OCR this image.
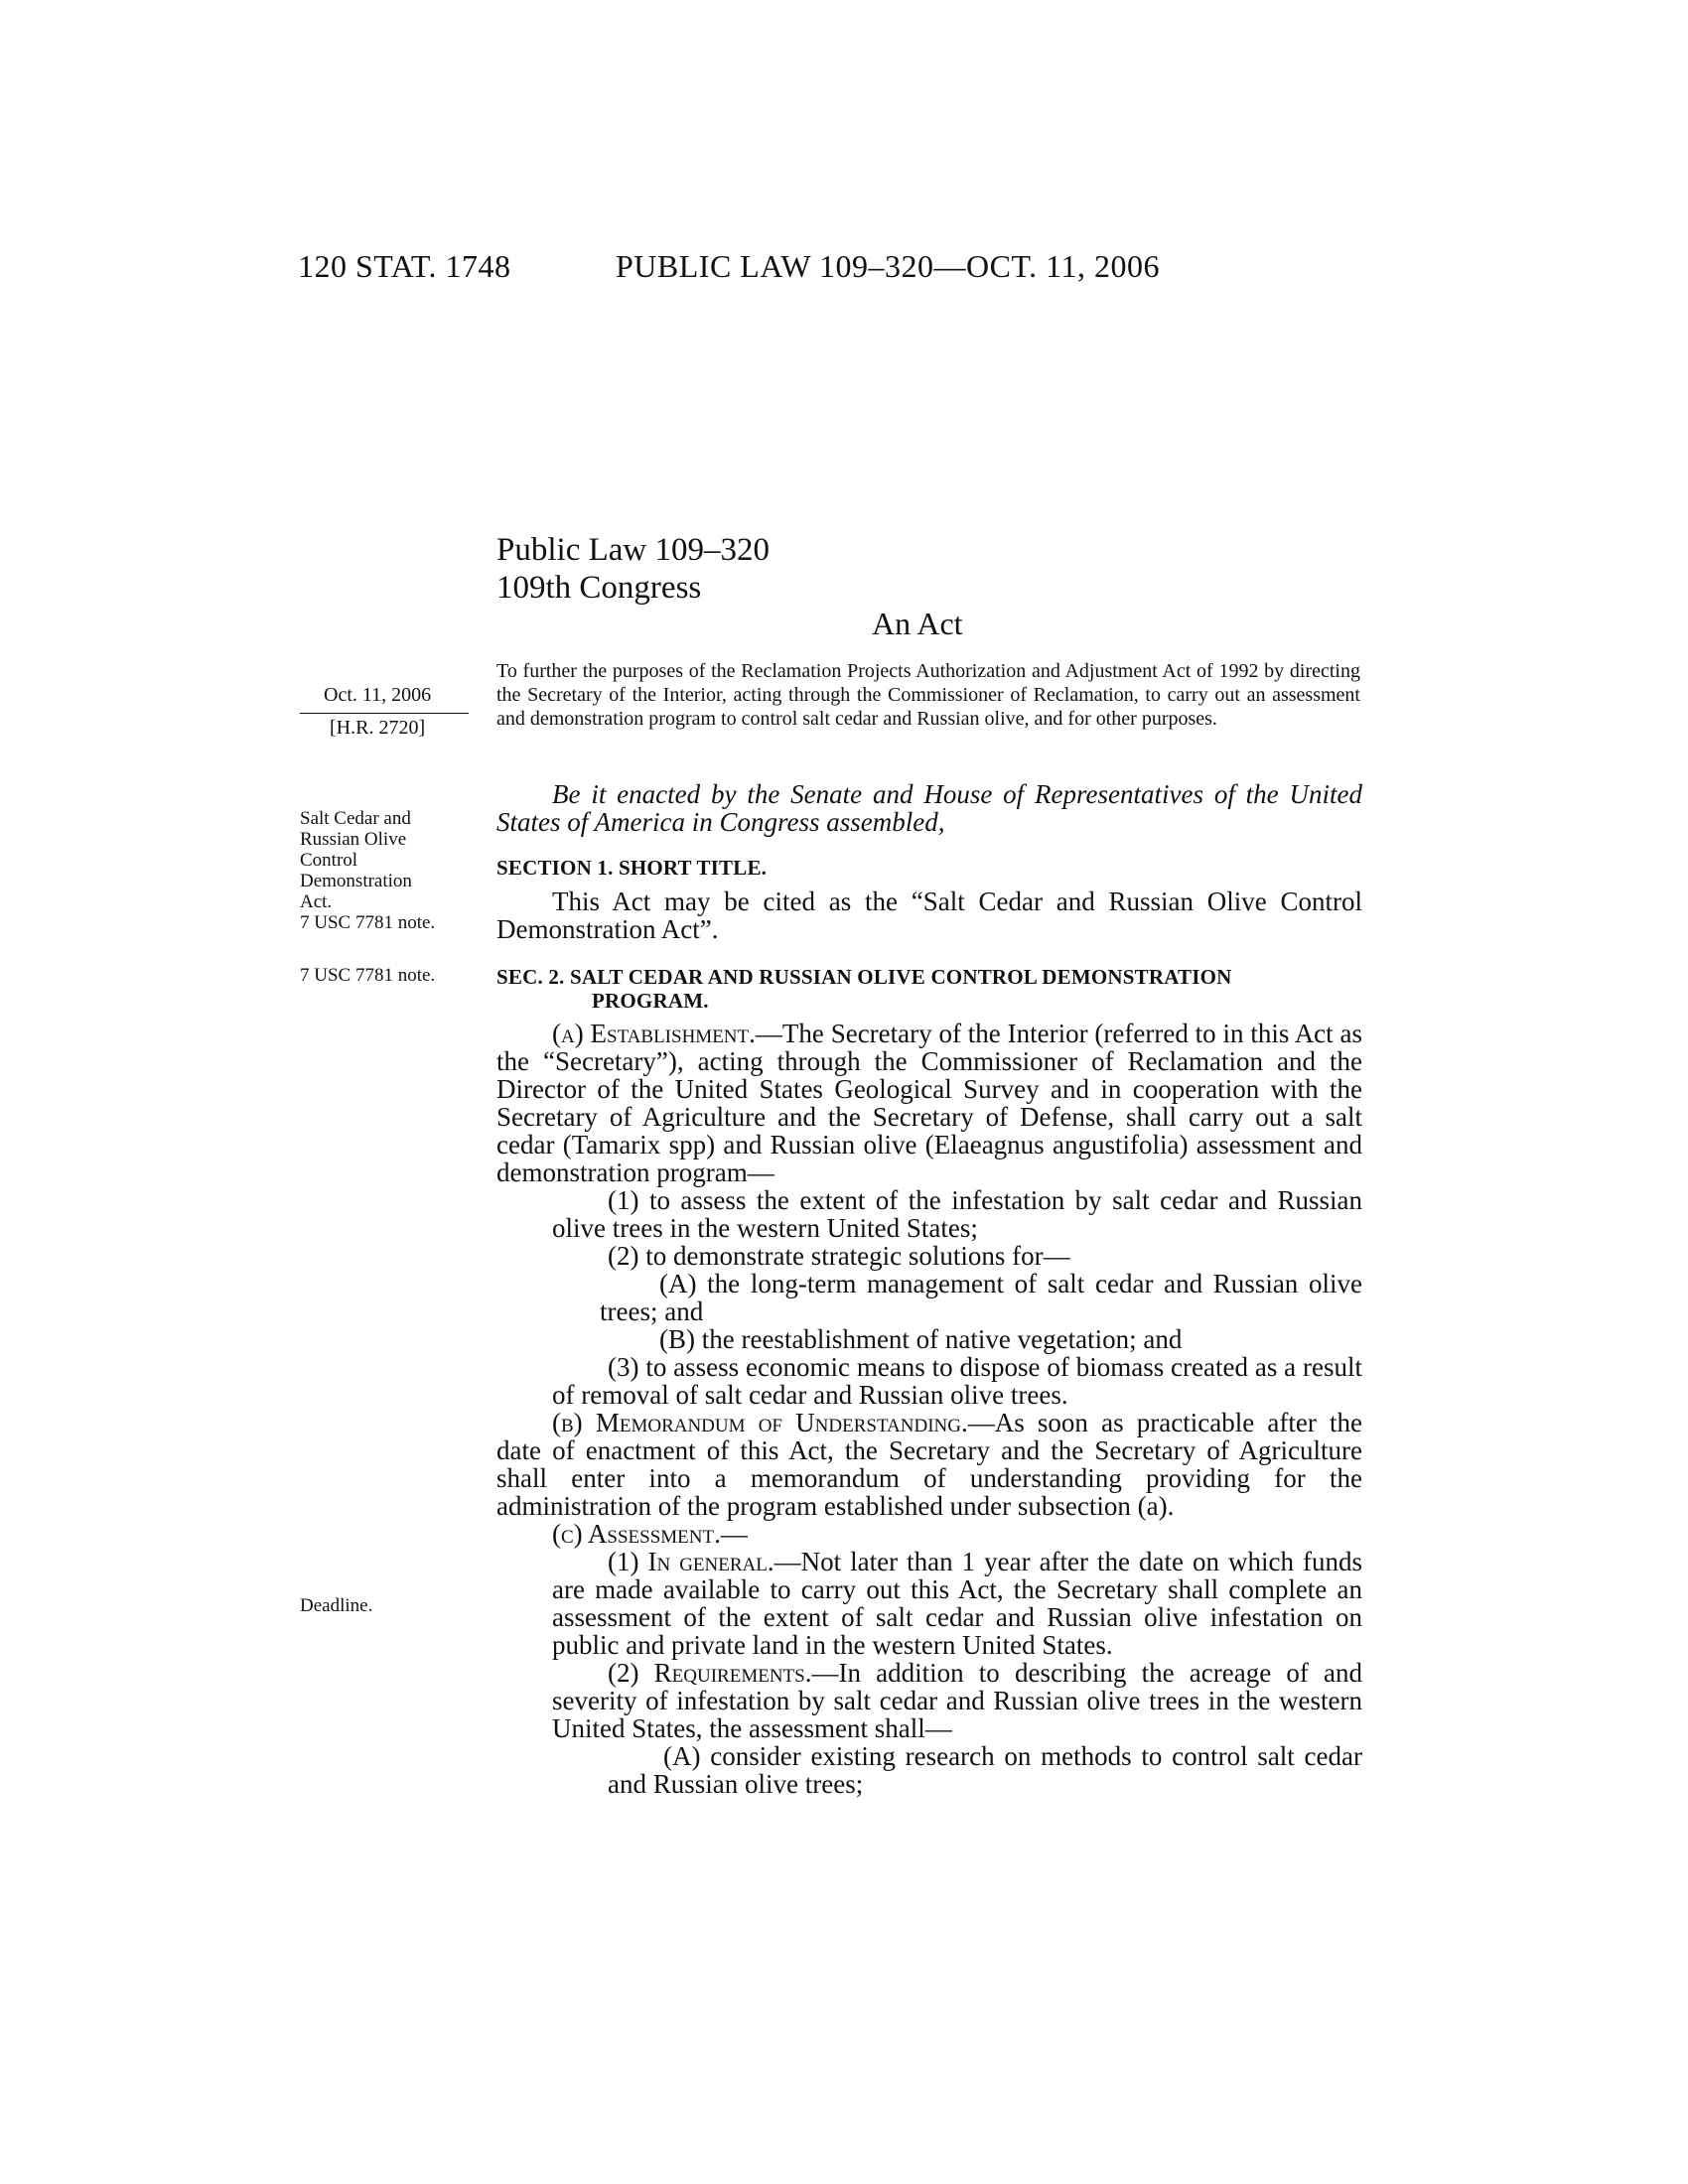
120 STAT. 1748	PUBLIC LAW 109–320—OCT. 11, 2006
Public Law 109–320
109th Congress
An Act
To further the purposes of the Reclamation Projects Authorization and Adjustment Act of 1992 by directing the Secretary of the Interior, acting through the Commissioner of Reclamation, to carry out an assessment and demonstration program to control salt cedar and Russian olive, and for other purposes.
Oct. 11, 2006
[H.R. 2720]
Salt Cedar and
Russian Olive
Control
Demonstration
Act.
7 USC 7781 note.
7 USC 7781 note.
Deadline.

Be it enacted by the Senate and House of Representatives of the United States of America in Congress assembled,

SECTION 1. SHORT TITLE.

This Act may be cited as the “Salt Cedar and Russian Olive Control Demonstration Act”.

SEC. 2. SALT CEDAR AND RUSSIAN OLIVE CONTROL DEMONSTRATION
PROGRAM.

(a) Establishment.—The Secretary of the Interior (referred to in this Act as the “Secretary”), acting through the Commissioner of Reclamation and the Director of the United States Geological Survey and in cooperation with the Secretary of Agriculture and the Secretary of Defense, shall carry out a salt cedar (Tamarix spp) and Russian olive (Elaeagnus angustifolia) assessment and demonstration program—

(1) to assess the extent of the infestation by salt cedar and Russian olive trees in the western United States;

(2) to demonstrate strategic solutions for—

(A) the long-term management of salt cedar and Russian olive trees; and

(B) the reestablishment of native vegetation; and

(3) to assess economic means to dispose of biomass created as a result of removal of salt cedar and Russian olive trees.

(b) Memorandum of Understanding.—As soon as practicable after the date of enactment of this Act, the Secretary and the Secretary of Agriculture shall enter into a memorandum of understanding providing for the administration of the program established under subsection (a).

(c) Assessment.—

(1) In general.—Not later than 1 year after the date on which funds are made available to carry out this Act, the Secretary shall complete an assessment of the extent of salt cedar and Russian olive infestation on public and private land in the western United States.

(2) Requirements.—In addition to describing the acreage of and severity of infestation by salt cedar and Russian olive trees in the western United States, the assessment shall—

(A) consider existing research on methods to control salt cedar and Russian olive trees;
